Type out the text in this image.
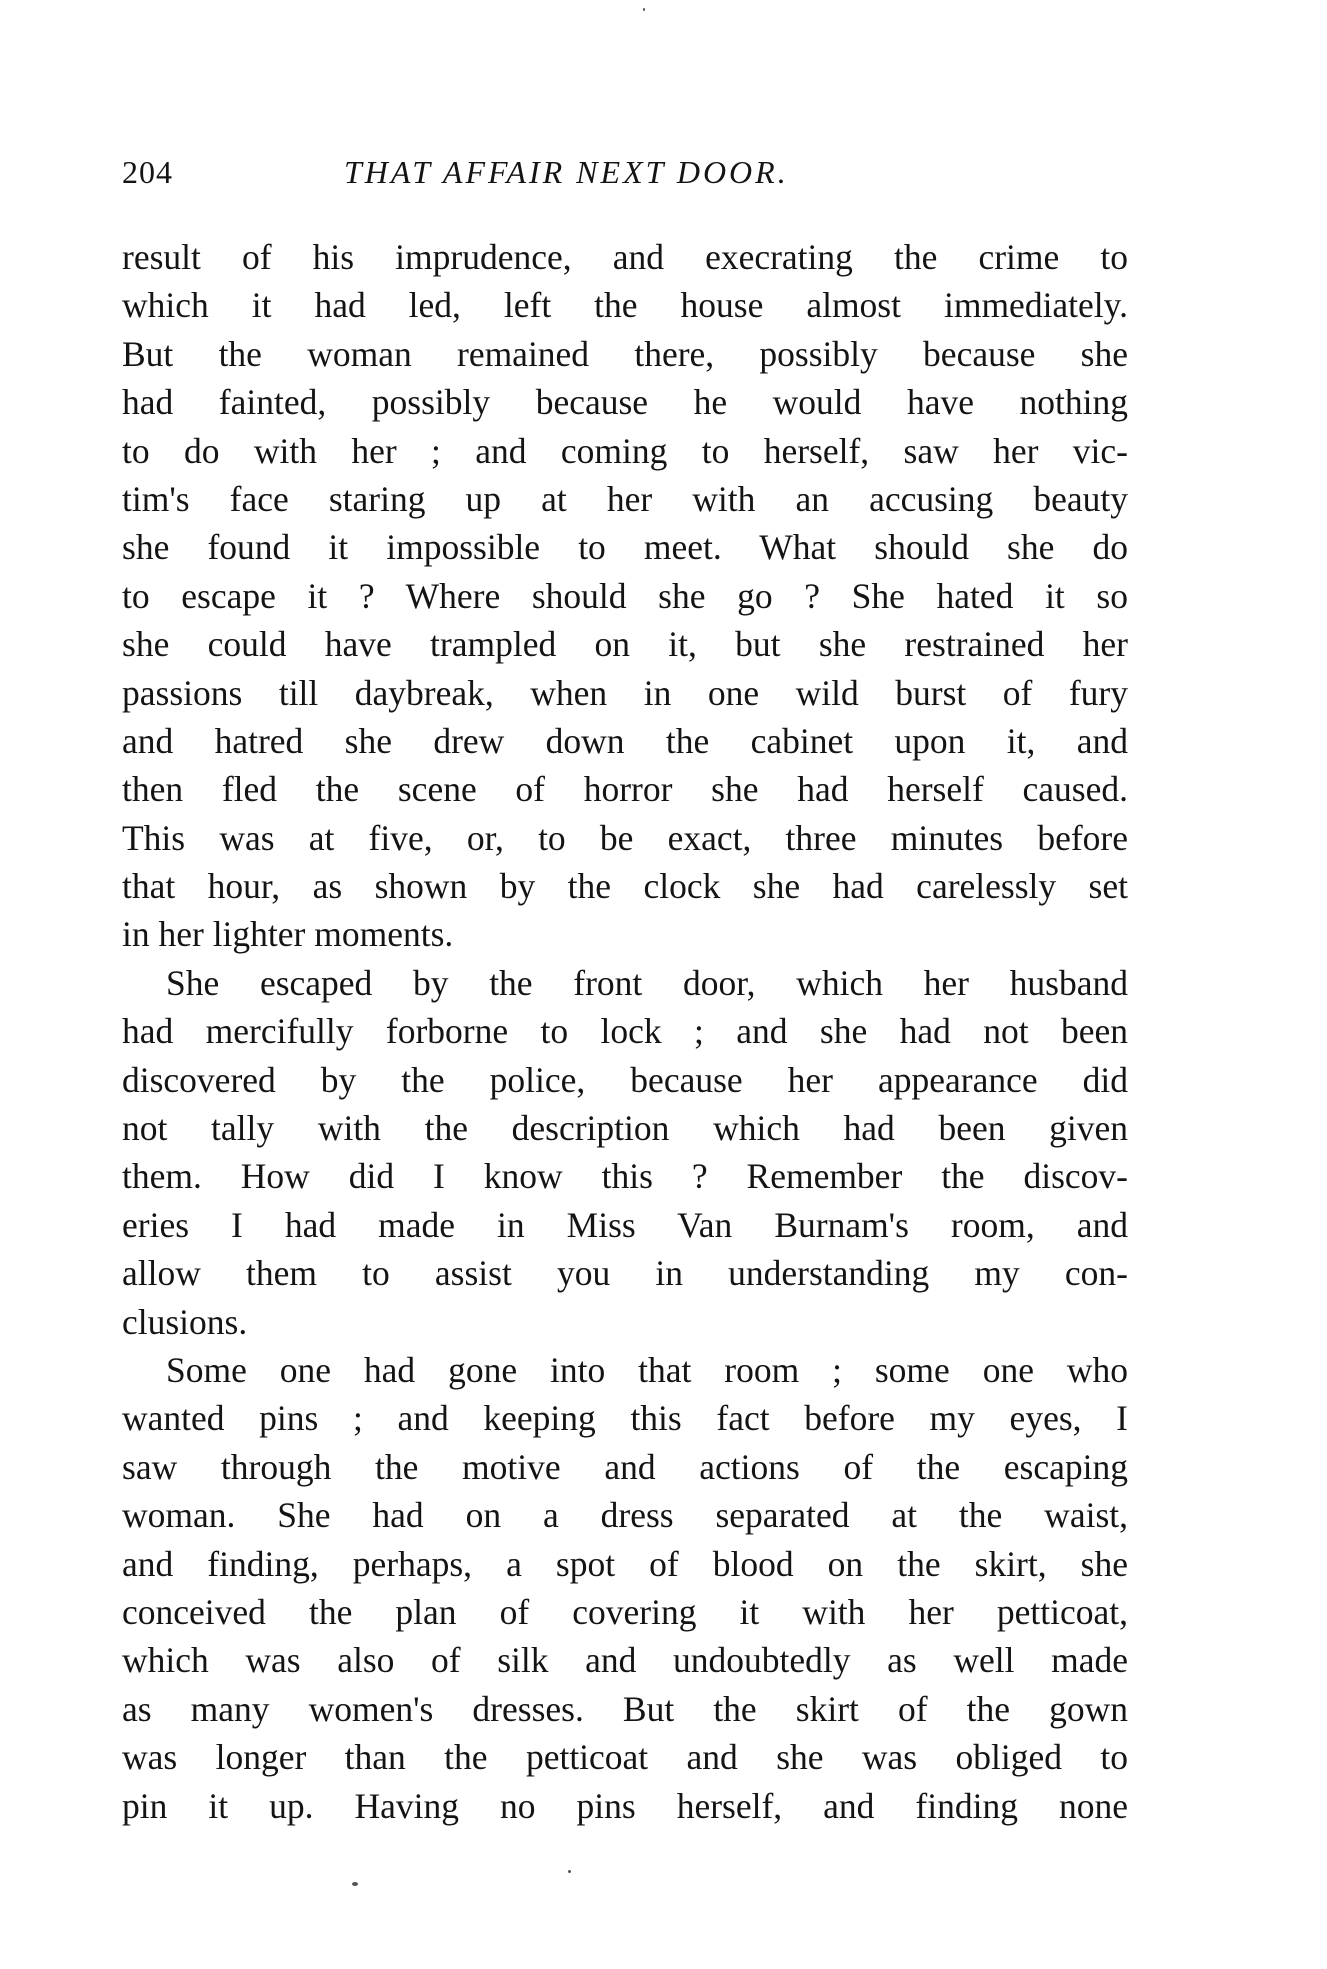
204	THAT AFFAIR NEXT DOOR.
result of his imprudence, and execrating the crime to
which it had led, left the house almost immediately.
But the woman remained there, possibly because she
had fainted, possibly because he would have nothing
to do with her ; and coming to herself, saw her vic-
tim's face staring up at her with an accusing beauty
she found it impossible to meet. What should she do
to escape it ? Where should she go ? She hated it so
she could have trampled on it, but she restrained her
passions till daybreak, when in one wild burst of fury
and hatred she drew down the cabinet upon it, and
then fled the scene of horror she had herself caused.
This was at five, or, to be exact, three minutes before
that hour, as shown by the clock she had carelessly set
in her lighter moments.
She escaped by the front door, which her husband
had mercifully forborne to lock ; and she had not been
discovered by the police, because her appearance did
not tally with the description which had been given
them. How did I know this ? Remember the discov-
eries I had made in Miss Van Burnam's room, and
allow them to assist you in understanding my con-
clusions.
Some one had gone into that room ; some one who
wanted pins ; and keeping this fact before my eyes, I
saw through the motive and actions of the escaping
woman. She had on a dress separated at the waist,
and finding, perhaps, a spot of blood on the skirt, she
conceived the plan of covering it with her petticoat,
which was also of silk and undoubtedly as well made
as many women's dresses. But the skirt of the gown
was longer than the petticoat and she was obliged to
pin it up. Having no pins herself, and finding none
